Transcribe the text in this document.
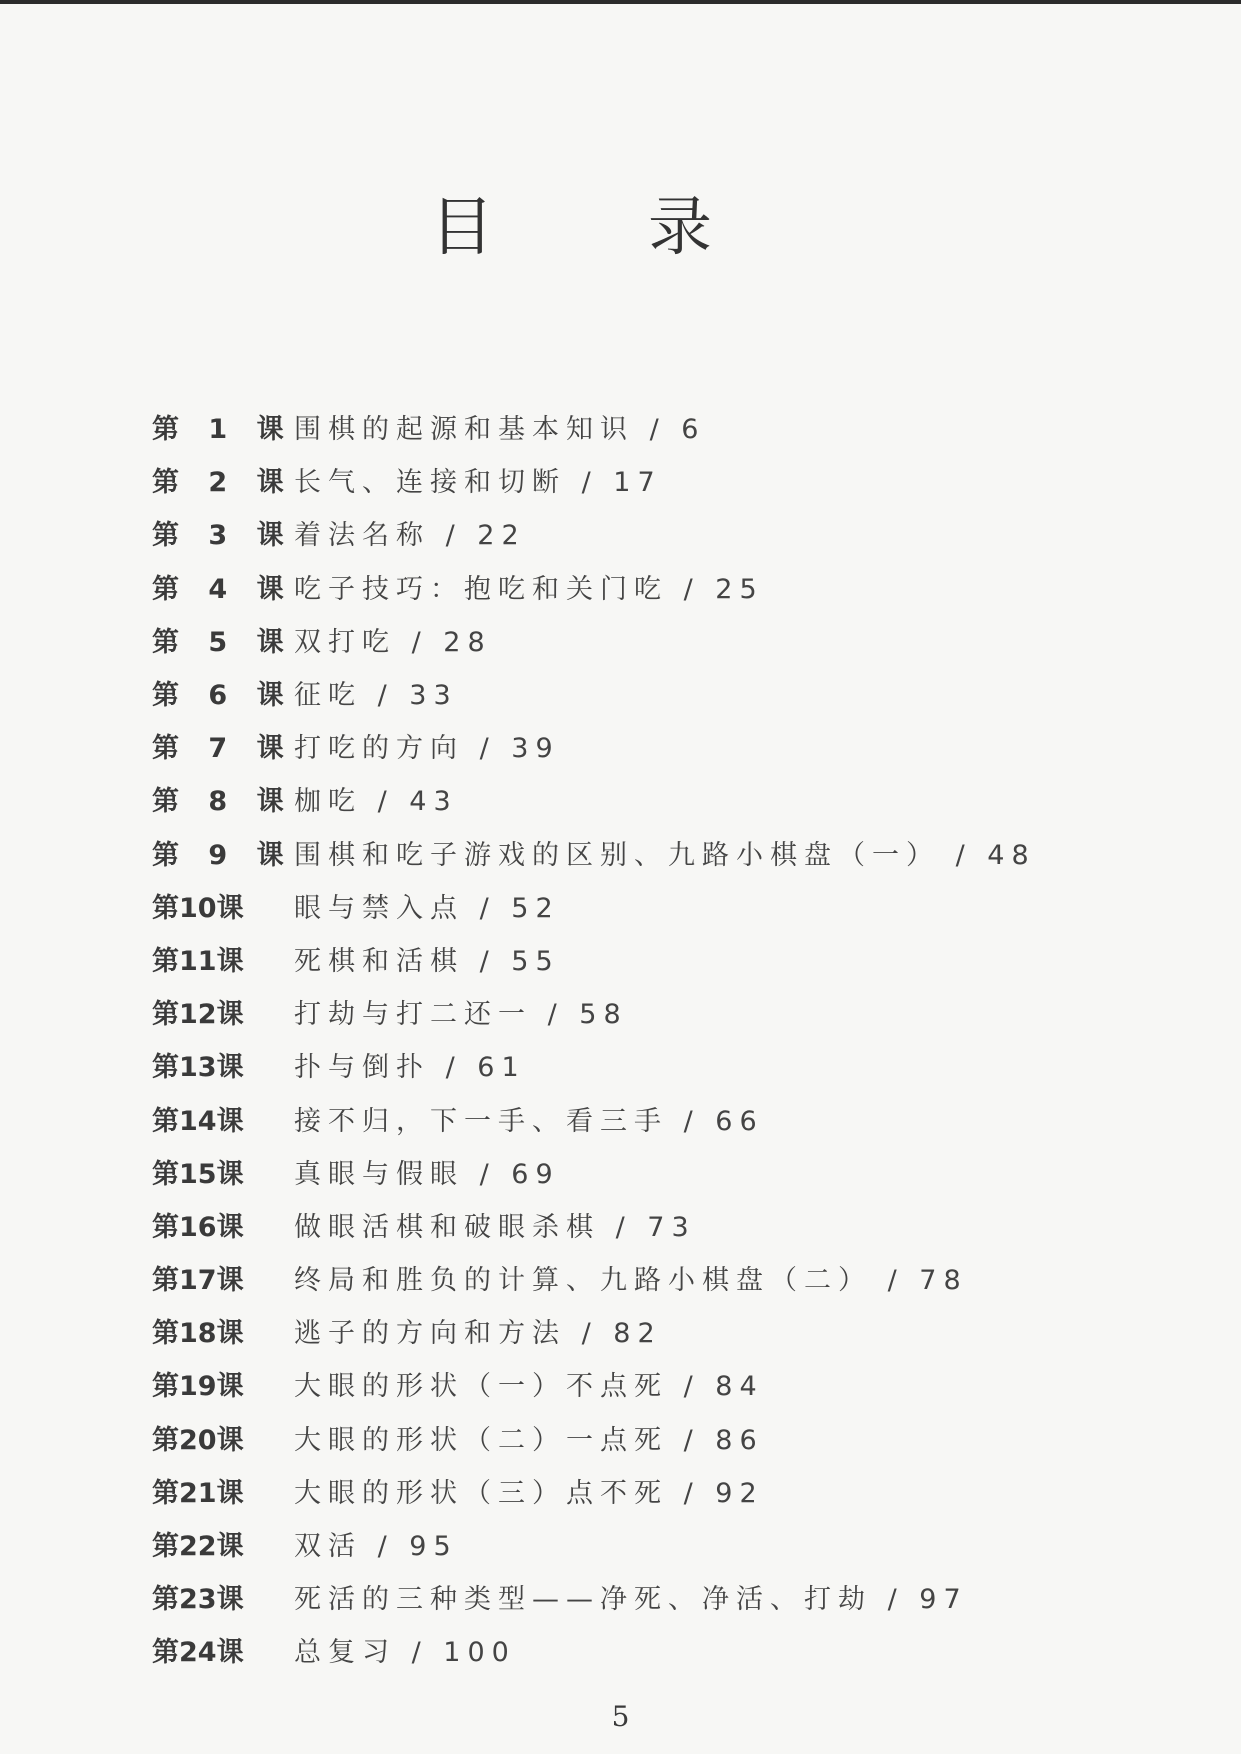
目 录
第 1 课 围棋的起源和基本知识 / 6
第 2 课 长气、连接和切断 / 17
第 3 课 着法名称 / 22
第 4 课 吃子技巧：抱吃和关门吃 / 25
第 5 课 双打吃 / 28
第 6 课 征吃 / 33
第 7 课 打吃的方向 / 39
第 8 课 枷吃 / 43
第 9 课 围棋和吃子游戏的区别、九路小棋盘（一） / 48
第10课	眼与禁入点 / 52
第11课	死棋和活棋 / 55
第12课	打劫与打二还一 / 58
第13课	扑与倒扑 / 61
第14课	接不归，下一手、看三手 / 66
第15课	真眼与假眼 / 69
第16课	做眼活棋和破眼杀棋 / 73
第17课	终局和胜负的计算、九路小棋盘（二） / 78
第18课	逃子的方向和方法 / 82
第19课	大眼的形状（一）不点死 / 84
第20课	大眼的形状（二）一点死 / 86
第21课	大眼的形状（三）点不死 / 92
第22课	双活 / 95
第23课	死活的三种类型——净死、净活、打劫 / 97
第24课	总复习 / 100
5
